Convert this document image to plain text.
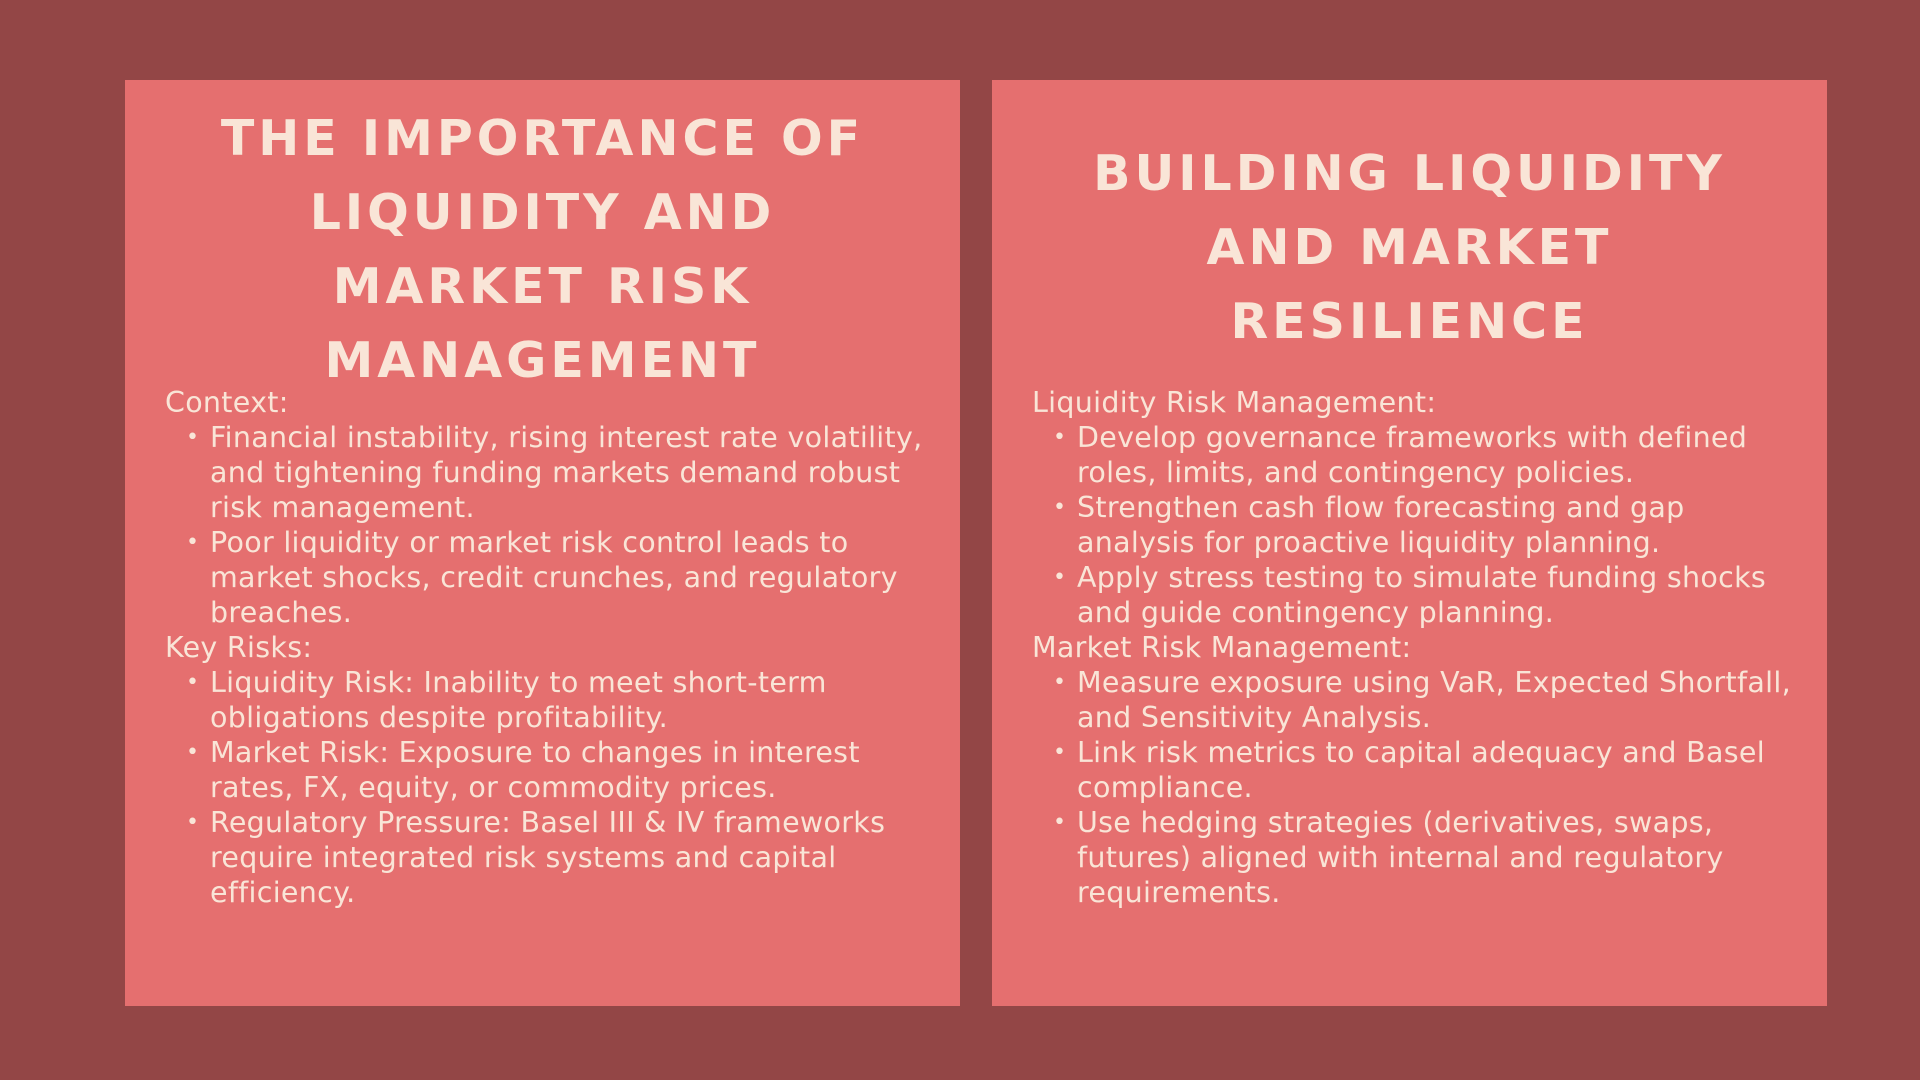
THE IMPORTANCE OF
LIQUIDITY AND
MARKET RISK
MANAGEMENT

Context:

• Financial instability, rising interest rate volatility, and tightening funding markets demand robust risk management.
• Poor liquidity or market risk control leads to market shocks, credit crunches, and regulatory breaches.

Key Risks:

• Liquidity Risk: Inability to meet short-term obligations despite profitability.
• Market Risk: Exposure to changes in interest rates, FX, equity, or commodity prices.
• Regulatory Pressure: Basel III & IV frameworks require integrated risk systems and capital efficiency.
BUILDING LIQUIDITY
AND MARKET
RESILIENCE

Liquidity Risk Management:

• Develop governance frameworks with defined roles, limits, and contingency policies.
• Strengthen cash flow forecasting and gap analysis for proactive liquidity planning.
• Apply stress testing to simulate funding shocks and guide contingency planning.

Market Risk Management:

• Measure exposure using VaR, Expected Shortfall, and Sensitivity Analysis.
• Link risk metrics to capital adequacy and Basel compliance.
• Use hedging strategies (derivatives, swaps, futures) aligned with internal and regulatory requirements.
